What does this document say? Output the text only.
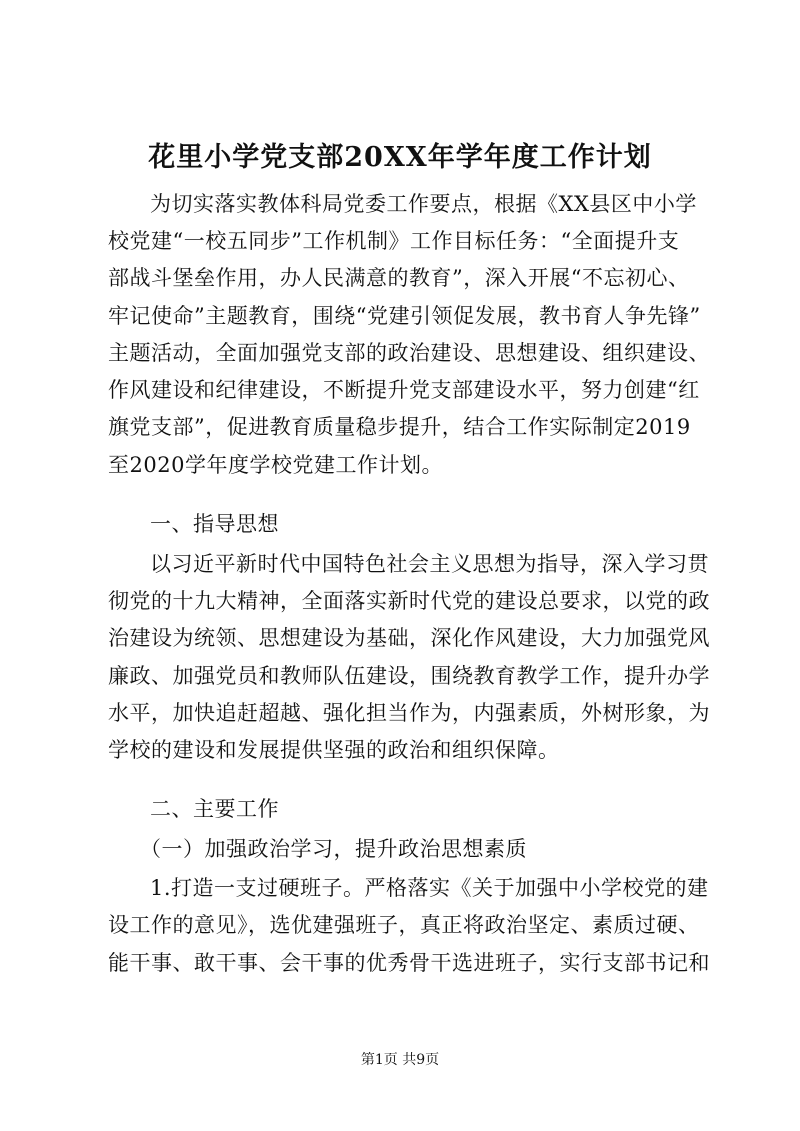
花里小学党支部20XX年学年度工作计划
为切实落实教体科局党委工作要点，根据《XX县区中小学
校党建“一校五同步”工作机制》工作目标任务：“全面提升支
部战斗堡垒作用，办人民满意的教育”，深入开展“不忘初心、
牢记使命”主题教育，围绕“党建引领促发展，教书育人争先锋”
主题活动，全面加强党支部的政治建设、思想建设、组织建设、
作风建设和纪律建设，不断提升党支部建设水平，努力创建“红
旗党支部”，促进教育质量稳步提升，结合工作实际制定2019
至2020学年度学校党建工作计划。
一、指导思想
以习近平新时代中国特色社会主义思想为指导，深入学习贯
彻党的十九大精神，全面落实新时代党的建设总要求，以党的政
治建设为统领、思想建设为基础，深化作风建设，大力加强党风
廉政、加强党员和教师队伍建设，围绕教育教学工作，提升办学
水平，加快追赶超越、强化担当作为，内强素质，外树形象，为
学校的建设和发展提供坚强的政治和组织保障。
二、主要工作
（一）加强政治学习，提升政治思想素质
1.打造一支过硬班子。严格落实《关于加强中小学校党的建
设工作的意见》，选优建强班子，真正将政治坚定、素质过硬、
能干事、敢干事、会干事的优秀骨干选进班子，实行支部书记和
第1页 共9页
